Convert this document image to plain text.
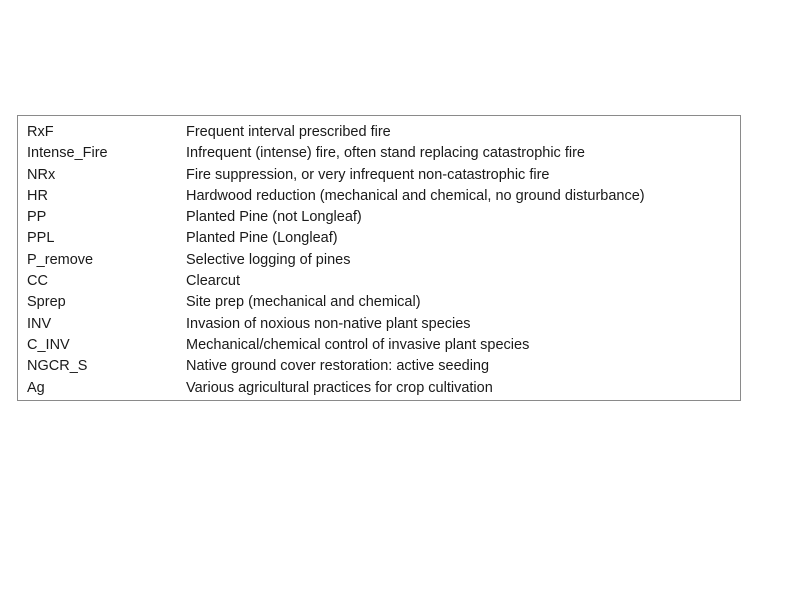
RxF	Frequent interval prescribed fire
Intense_Fire	Infrequent (intense) fire, often stand replacing catastrophic fire
NRx	Fire suppression, or very infrequent non-catastrophic fire
HR	Hardwood reduction (mechanical and chemical, no ground disturbance)
PP	Planted Pine (not Longleaf)
PPL	Planted Pine (Longleaf)
P_remove	Selective logging of pines
CC	Clearcut
Sprep	Site prep (mechanical and chemical)
INV	Invasion of noxious non-native plant species
C_INV	Mechanical/chemical control of invasive plant species
NGCR_S	Native ground cover restoration: active seeding
Ag	Various agricultural practices for crop cultivation
